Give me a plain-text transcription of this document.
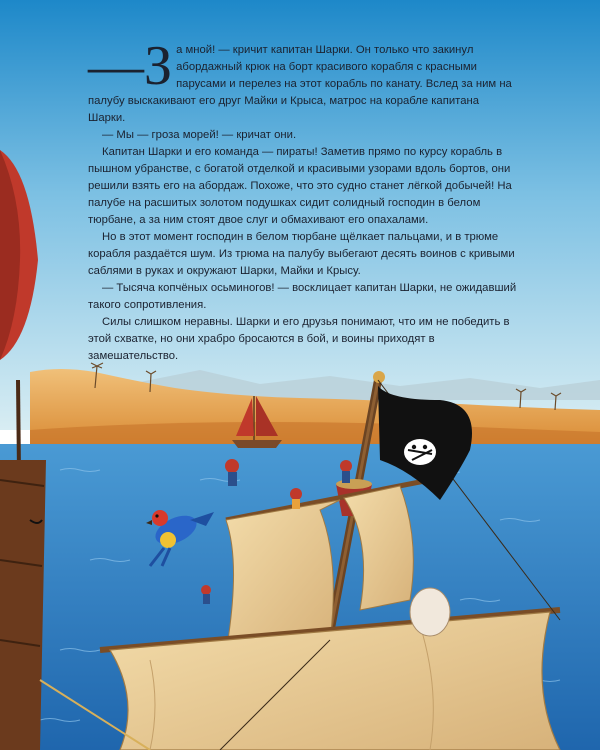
—З а мной! — кричит капитан Шарки. Он только что закинул абордажный крюк на борт красивого корабля с красными парусами и перелез на этот корабль по канату. Вслед за ним на палубу выскакивают его друг Майки и Крыса, матрос на корабле капитана Шарки.

— Мы — гроза морей! — кричат они.

Капитан Шарки и его команда — пираты! Заметив прямо по курсу корабль в пышном убранстве, с богатой отделкой и красивыми узорами вдоль бортов, они решили взять его на абордаж. Похоже, что это судно станет лёгкой добычей! На палубе на расшитых золотом подушках сидит солидный господин в белом тюрбане, а за ним стоят двое слуг и обмахивают его опахалами.

Но в этот момент господин в белом тюрбане щёлкает пальцами, и в трюме корабля раздаётся шум. Из трюма на палубу выбегают десять воинов с кривыми саблями в руках и окружают Шарки, Майки и Крысу.

— Тысяча копчёных осьминогов! — восклицает капитан Шарки, не ожидавший такого сопротивления.

Силы слишком неравны. Шарки и его друзья понимают, что им не победить в этой схватке, но они храбро бросаются в бой, и воины приходят в замешательство.
